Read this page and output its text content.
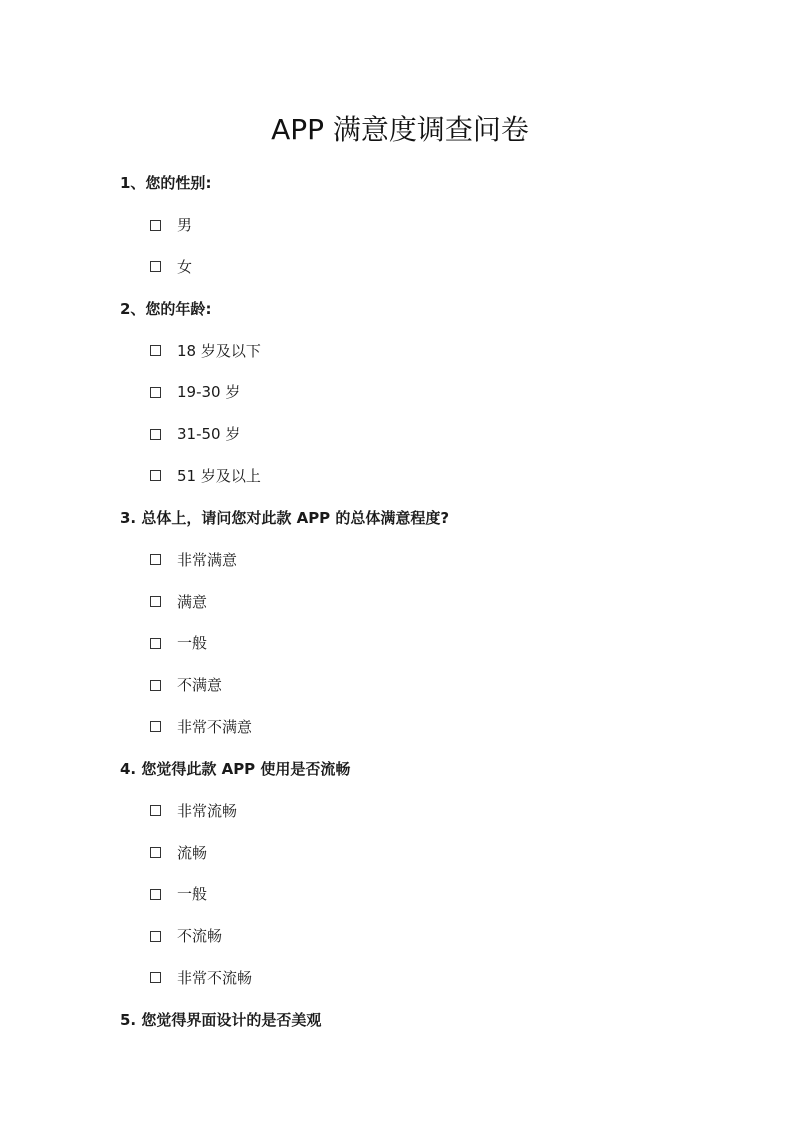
APP 满意度调查问卷
1、您的性别:
男
女
2、您的年龄:
18 岁及以下
19-30 岁
31-50 岁
51 岁及以上
3. 总体上，请问您对此款 APP 的总体满意程度?
非常满意
满意
一般
不满意
非常不满意
4. 您觉得此款 APP 使用是否流畅
非常流畅
流畅
一般
不流畅
非常不流畅
5. 您觉得界面设计的是否美观
